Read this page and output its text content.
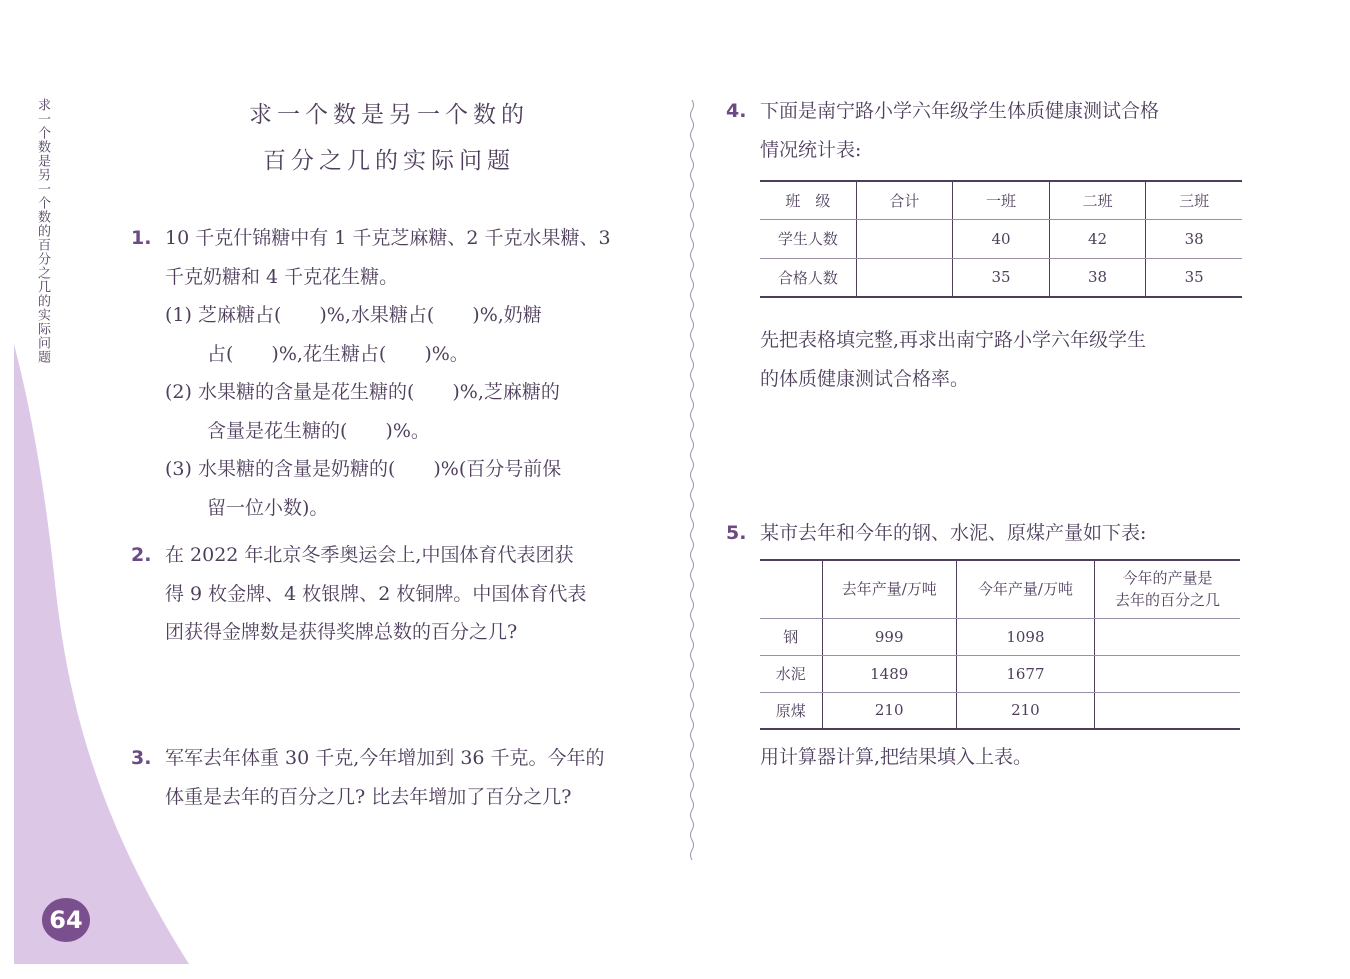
求一个数是另一个数的百分之几的实际问题
64
求一个数是另一个数的
百分之几的实际问题
1. 10 千克什锦糖中有 1 千克芝麻糖、2 千克水果糖、3

千克奶糖和 4 千克花生糖。

(1) 芝麻糖占(　　)%,水果糖占(　　)%,奶糖

占(　　)%,花生糖占(　　)%。

(2) 水果糖的含量是花生糖的(　　)%,芝麻糖的

含量是花生糖的(　　)%。

(3) 水果糖的含量是奶糖的(　　)%(百分号前保

留一位小数)。

2. 在 2022 年北京冬季奥运会上,中国体育代表团获

得 9 枚金牌、4 枚银牌、2 枚铜牌。中国体育代表

团获得金牌数是获得奖牌总数的百分之几?

3. 军军去年体重 30 千克,今年增加到 36 千克。今年的

体重是去年的百分之几? 比去年增加了百分之几?

4. 下面是南宁路小学六年级学生体质健康测试合格

情况统计表:

班　级	合计	一班	二班	三班
学生人数		40	42	38
合格人数		35	38	35

先把表格填完整,再求出南宁路小学六年级学生

的体质健康测试合格率。

5. 某市去年和今年的钢、水泥、原煤产量如下表:

	去年产量/万吨	今年产量/万吨	今年的产量是
去年的百分之几

钢	999	1098	
水泥	1489	1677	
原煤	210	210	

用计算器计算,把结果填入上表。
